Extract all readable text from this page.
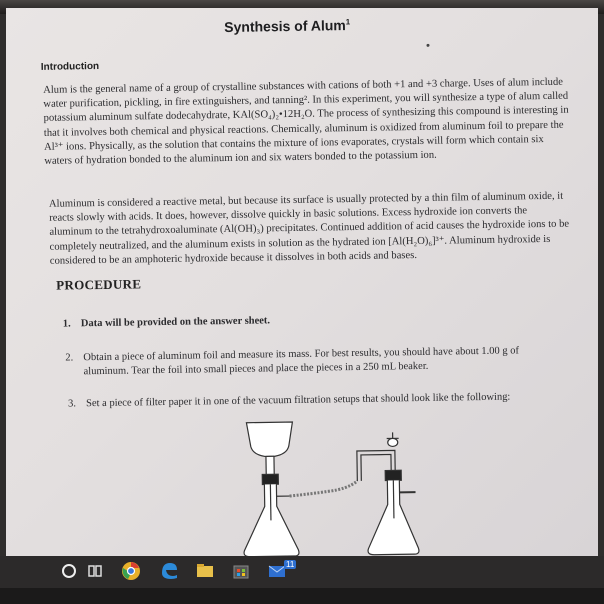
Synthesis of Alum$^1$
Introduction

Alum is the general name of a group of crystalline substances with cations of both +1 and +3 charge. Uses of alum include water purification, pickling, in fire extinguishers, and tanning². In this experiment, you will synthesize a type of alum called potassium aluminum sulfate dodecahydrate, KAl(SO₄)₂•12H₂O. The process of synthesizing this compound is interesting in that it involves both chemical and physical reactions. Chemically, aluminum is oxidized from aluminum foil to prepare the Al³⁺ ions. Physically, as the solution that contains the mixture of ions evaporates, crystals will form which contain six waters of hydration bonded to the aluminum ion and six waters bonded to the potassium ion.

Aluminum is considered a reactive metal, but because its surface is usually protected by a thin film of aluminum oxide, it reacts slowly with acids. It does, however, dissolve quickly in basic solutions. Excess hydroxide ion converts the aluminum to the tetrahydroxoaluminate (Al(OH)₃) precipitates. Continued addition of acid causes the hydroxide ions to be completely neutralized, and the aluminum exists in solution as the hydrated ion [Al(H₂O)₆]³⁺. Aluminum hydroxide is considered to be an amphoteric hydroxide because it dissolves in both acids and bases.

PROCEDURE
1. Data will be provided on the answer sheet.
2. Obtain a piece of aluminum foil and measure its mass. For best results, you should have about 1.00 g of aluminum. Tear the foil into small pieces and place the pieces in a 250 mL beaker.
3. Set a piece of filter paper it in one of the vacuum filtration setups that should look like the following:
11
